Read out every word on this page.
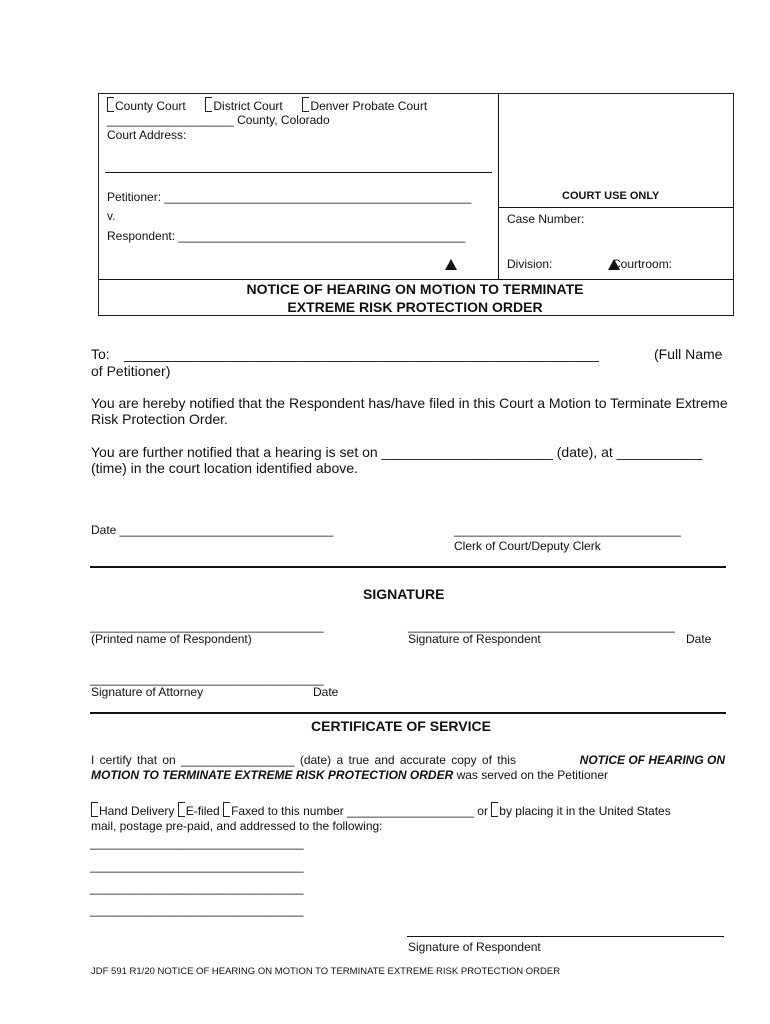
County Court District Court Denver Probate Court
___________________ County, Colorado
Court Address:
Petitioner: ______________________________________________
v.
Respondent: ___________________________________________
COURT USE ONLY
Case Number:
Division:	Courtroom:
NOTICE OF HEARING ON MOTION TO TERMINATE
EXTREME RISK PROTECTION ORDER
To: _____________________________________________________________	(Full Name
of Petitioner)
You are hereby notified that the Respondent has/have filed in this Court a Motion to Terminate Extreme
Risk Protection Order.
You are further notified that a hearing is set on ______________________ (date), at ___________
(time) in the court location identified above.
Date ________________________________	__________________________________
Clerk of Court/Deputy Clerk
SIGNATURE
___________________________________
(Printed name of Respondent)
________________________________________
Signature of Respondent	Date
___________________________________
Signature of Attorney	Date
CERTIFICATE OF SERVICE
I certify that on _________________ (date) a true and accurate copy of this	NOTICE OF HEARING ON
MOTION TO TERMINATE EXTREME RISK PROTECTION ORDER was served on the Petitioner
Hand Delivery E-filed Faxed to this number ___________________ or by placing it in the United States
mail, postage pre-paid, and addressed to the following:
________________________________
________________________________
________________________________
________________________________
Signature of Respondent
JDF 591 R1/20 NOTICE OF HEARING ON MOTION TO TERMINATE EXTREME RISK PROTECTION ORDER
